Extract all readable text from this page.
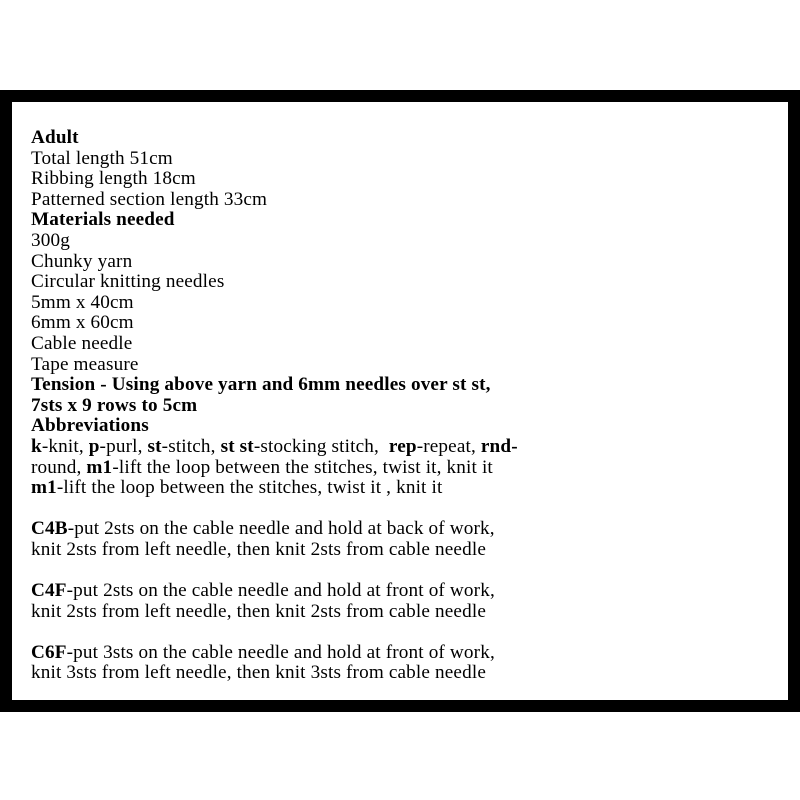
Adult
Total length 51cm
Ribbing length 18cm
Patterned section length 33cm
Materials needed
300g
Chunky yarn
Circular knitting needles
5mm x 40cm
6mm x 60cm
Cable needle
Tape measure
Tension - Using above yarn and 6mm needles over st st,
7sts x 9 rows to 5cm
Abbreviations
k-knit, p-purl, st-stitch, st st-stocking stitch,  rep-repeat, rnd-
round, m1-lift the loop between the stitches, twist it, knit it
m1-lift the loop between the stitches, twist it , knit it
C4B-put 2sts on the cable needle and hold at back of work,
knit 2sts from left needle, then knit 2sts from cable needle
C4F-put 2sts on the cable needle and hold at front of work,
knit 2sts from left needle, then knit 2sts from cable needle
C6F-put 3sts on the cable needle and hold at front of work,
knit 3sts from left needle, then knit 3sts from cable needle
